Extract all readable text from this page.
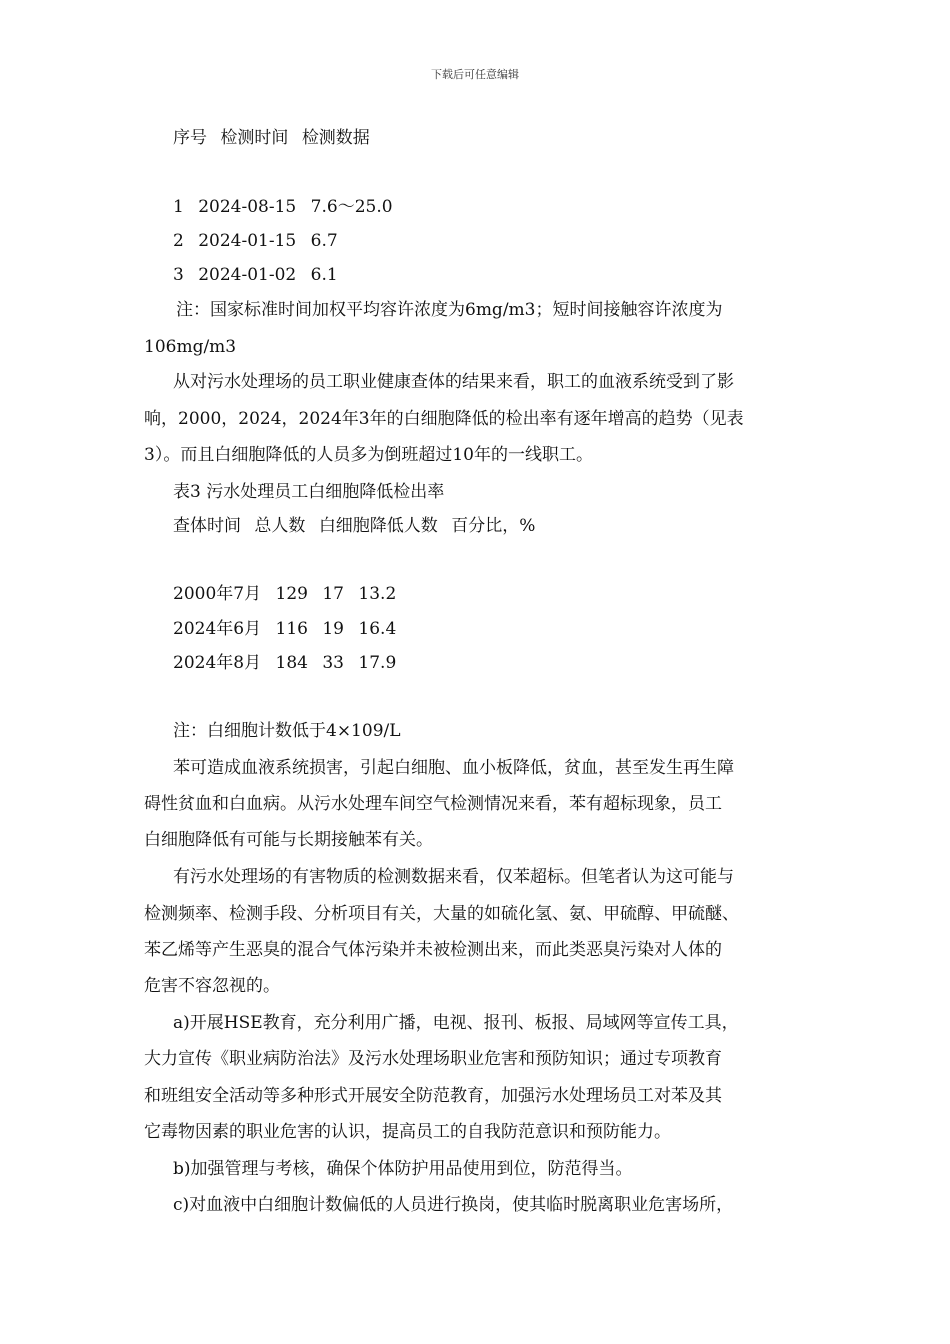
下载后可任意编辑
序号 检测时间 检测数据
1 2024-08-15 7.6～25.0
2 2024-01-15 6.7
3 2024-01-02 6.1
注：国家标准时间加权平均容许浓度为6mg/m3；短时间接触容许浓度为
106mg/m3
从对污水处理场的员工职业健康查体的结果来看，职工的血液系统受到了影
响，2000，2024，2024年3年的白细胞降低的检出率有逐年增高的趋势（见表
3）。而且白细胞降低的人员多为倒班超过10年的一线职工。
表3 污水处理员工白细胞降低检出率
查体时间 总人数 白细胞降低人数 百分比，%
2000年7月 129 17 13.2
2024年6月 116 19 16.4
2024年8月 184 33 17.9
注：白细胞计数低于4×109/L
苯可造成血液系统损害，引起白细胞、血小板降低，贫血，甚至发生再生障
碍性贫血和白血病。从污水处理车间空气检测情况来看，苯有超标现象，员工
白细胞降低有可能与长期接触苯有关。
有污水处理场的有害物质的检测数据来看，仅苯超标。但笔者认为这可能与
检测频率、检测手段、分析项目有关，大量的如硫化氢、氨、甲硫醇、甲硫醚、
苯乙烯等产生恶臭的混合气体污染并未被检测出来，而此类恶臭污染对人体的
危害不容忽视的。
a)开展HSE教育，充分利用广播，电视、报刊、板报、局域网等宣传工具，
大力宣传《职业病防治法》及污水处理场职业危害和预防知识；通过专项教育
和班组安全活动等多种形式开展安全防范教育，加强污水处理场员工对苯及其
它毒物因素的职业危害的认识，提高员工的自我防范意识和预防能力。
b)加强管理与考核，确保个体防护用品使用到位，防范得当。
c)对血液中白细胞计数偏低的人员进行换岗，使其临时脱离职业危害场所，
